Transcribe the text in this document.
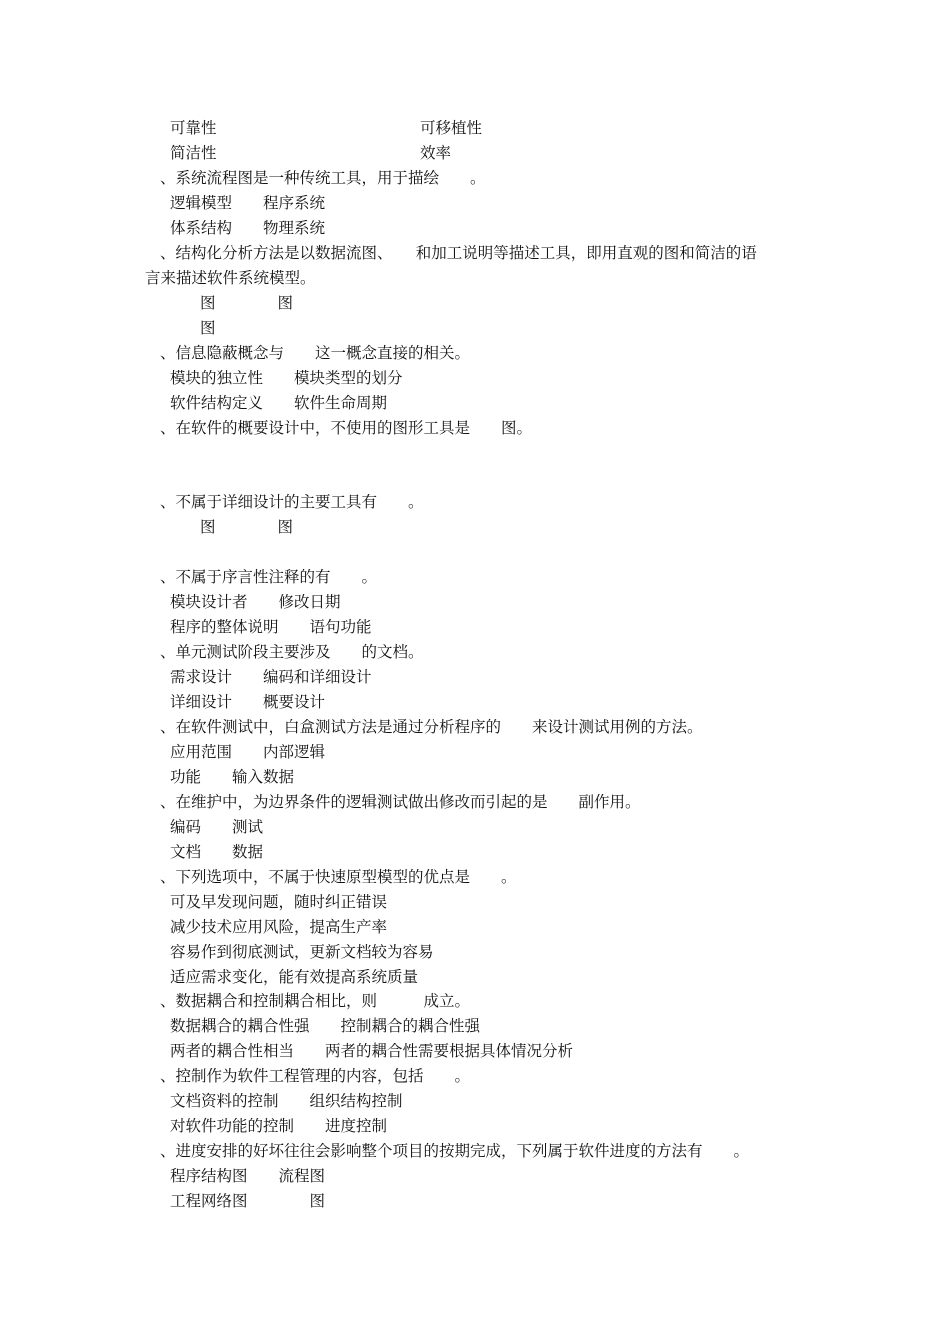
可靠性	可移植性
简洁性	效率
、系统流程图是一种传统工具，用于描绘　　。
逻辑模型　　程序系统
体系结构　　物理系统
、结构化分析方法是以数据流图、　　和加工说明等描述工具，即用直观的图和简洁的语
言来描述软件系统模型。
图　　　　图
图
、信息隐蔽概念与　　这一概念直接的相关。
模块的独立性　　模块类型的划分
软件结构定义　　软件生命周期
、在软件的概要设计中，不使用的图形工具是　　图。
、不属于详细设计的主要工具有　　。
图　　　　图
、不属于序言性注释的有　　。
模块设计者　　修改日期
程序的整体说明　　语句功能
、单元测试阶段主要涉及　　的文档。
需求设计　　编码和详细设计
详细设计　　概要设计
、在软件测试中，白盒测试方法是通过分析程序的　　来设计测试用例的方法。
应用范围　　内部逻辑
功能　　输入数据
、在维护中，为边界条件的逻辑测试做出修改而引起的是　　副作用。
编码　　测试
文档　　数据
、下列选项中，不属于快速原型模型的优点是　　。
可及早发现问题，随时纠正错误
减少技术应用风险，提高生产率
容易作到彻底测试，更新文档较为容易
适应需求变化，能有效提高系统质量
、数据耦合和控制耦合相比，则　　　成立。
数据耦合的耦合性强　　控制耦合的耦合性强
两者的耦合性相当　　两者的耦合性需要根据具体情况分析
、控制作为软件工程管理的内容，包括　　。
文档资料的控制　　组织结构控制
对软件功能的控制　　进度控制
、进度安排的好坏往往会影响整个项目的按期完成，下列属于软件进度的方法有　　。
程序结构图　　流程图
工程网络图　　　　图
